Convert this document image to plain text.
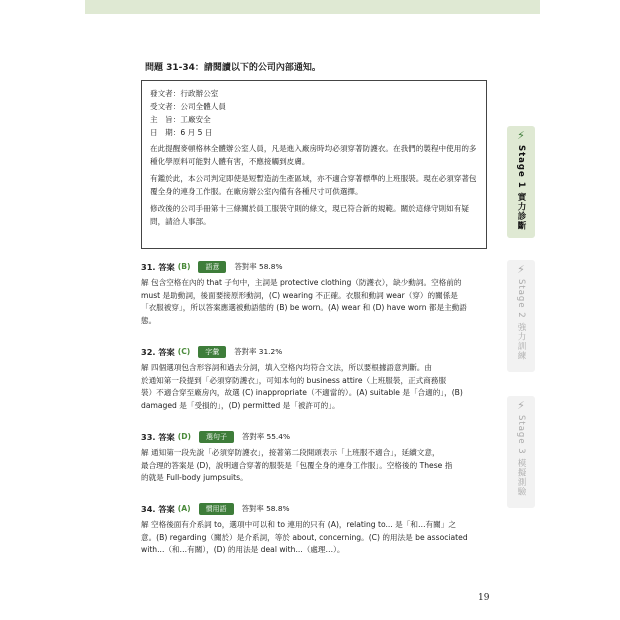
問題 31-34：請閱讀以下的公司內部通知。

發文者：行政辦公室

受文者：公司全體人員

主　旨：工廠安全

日　期：6 月 5 日

在此提醒麥頓格林全體辦公室人員，凡是進入廠房時均必須穿著防護衣。在我們的製程中使用的多種化學原料可能對人體有害，不應接觸到皮膚。

有鑑於此，本公司判定即使是短暫造訪生產區域，亦不適合穿著標準的上班服裝。現在必須穿著包覆全身的連身工作服。在廠房辦公室內備有各種尺寸可供選擇。

修改後的公司手冊第十三條關於員工服裝守則的條文，現已符合新的規範。關於這條守則如有疑問，請洽人事部。

31. 答案 (B)	語意	答對率 58.8%

解 包含空格在內的 that 子句中，主詞是 protective clothing（防護衣），缺少動詞。空格前的

must 是助動詞，後面要接原形動詞，(C) wearing 不正確。衣服和動詞 wear（穿）的關係是

「衣服被穿」，所以答案應選被動語態的 (B) be worn。(A) wear 和 (D) have worn 都是主動語

態。

32. 答案 (C)	字彙	答對率 31.2%

解 四個選項包含形容詞和過去分詞，填入空格內均符合文法，所以要根據語意判斷。由

於通知第一段提到「必須穿防護衣」，可知本句的 business attire（上班服裝，正式商務服

裝）不適合穿至廠房內，故選 (C) inappropriate（不適當的）。(A) suitable 是「合適的」，(B)

damaged 是「受損的」，(D) permitted 是「被許可的」。

33. 答案 (D)	選句子	答對率 55.4%

解 通知第一段先說「必須穿防護衣」，接著第二段開頭表示「上班服不適合」，延續文意，

最合理的答案是 (D)，說明適合穿著的服裝是「包覆全身的連身工作服」。空格後的 These 指

的就是 Full-body jumpsuits。

34. 答案 (A)	慣用語	答對率 58.8%

解 空格後面有介系詞 to，選項中可以和 to 連用的只有 (A)，relating to... 是「和…有關」之

意。(B) regarding（關於）是介系詞，等於 about, concerning。(C) 的用法是 be associated

with...（和…有關），(D) 的用法是 deal with...（處理…）。

⚡
Stage 1 實力診斷
⚡
Stage 2 強力訓練
⚡
Stage 3 模擬測驗
19
